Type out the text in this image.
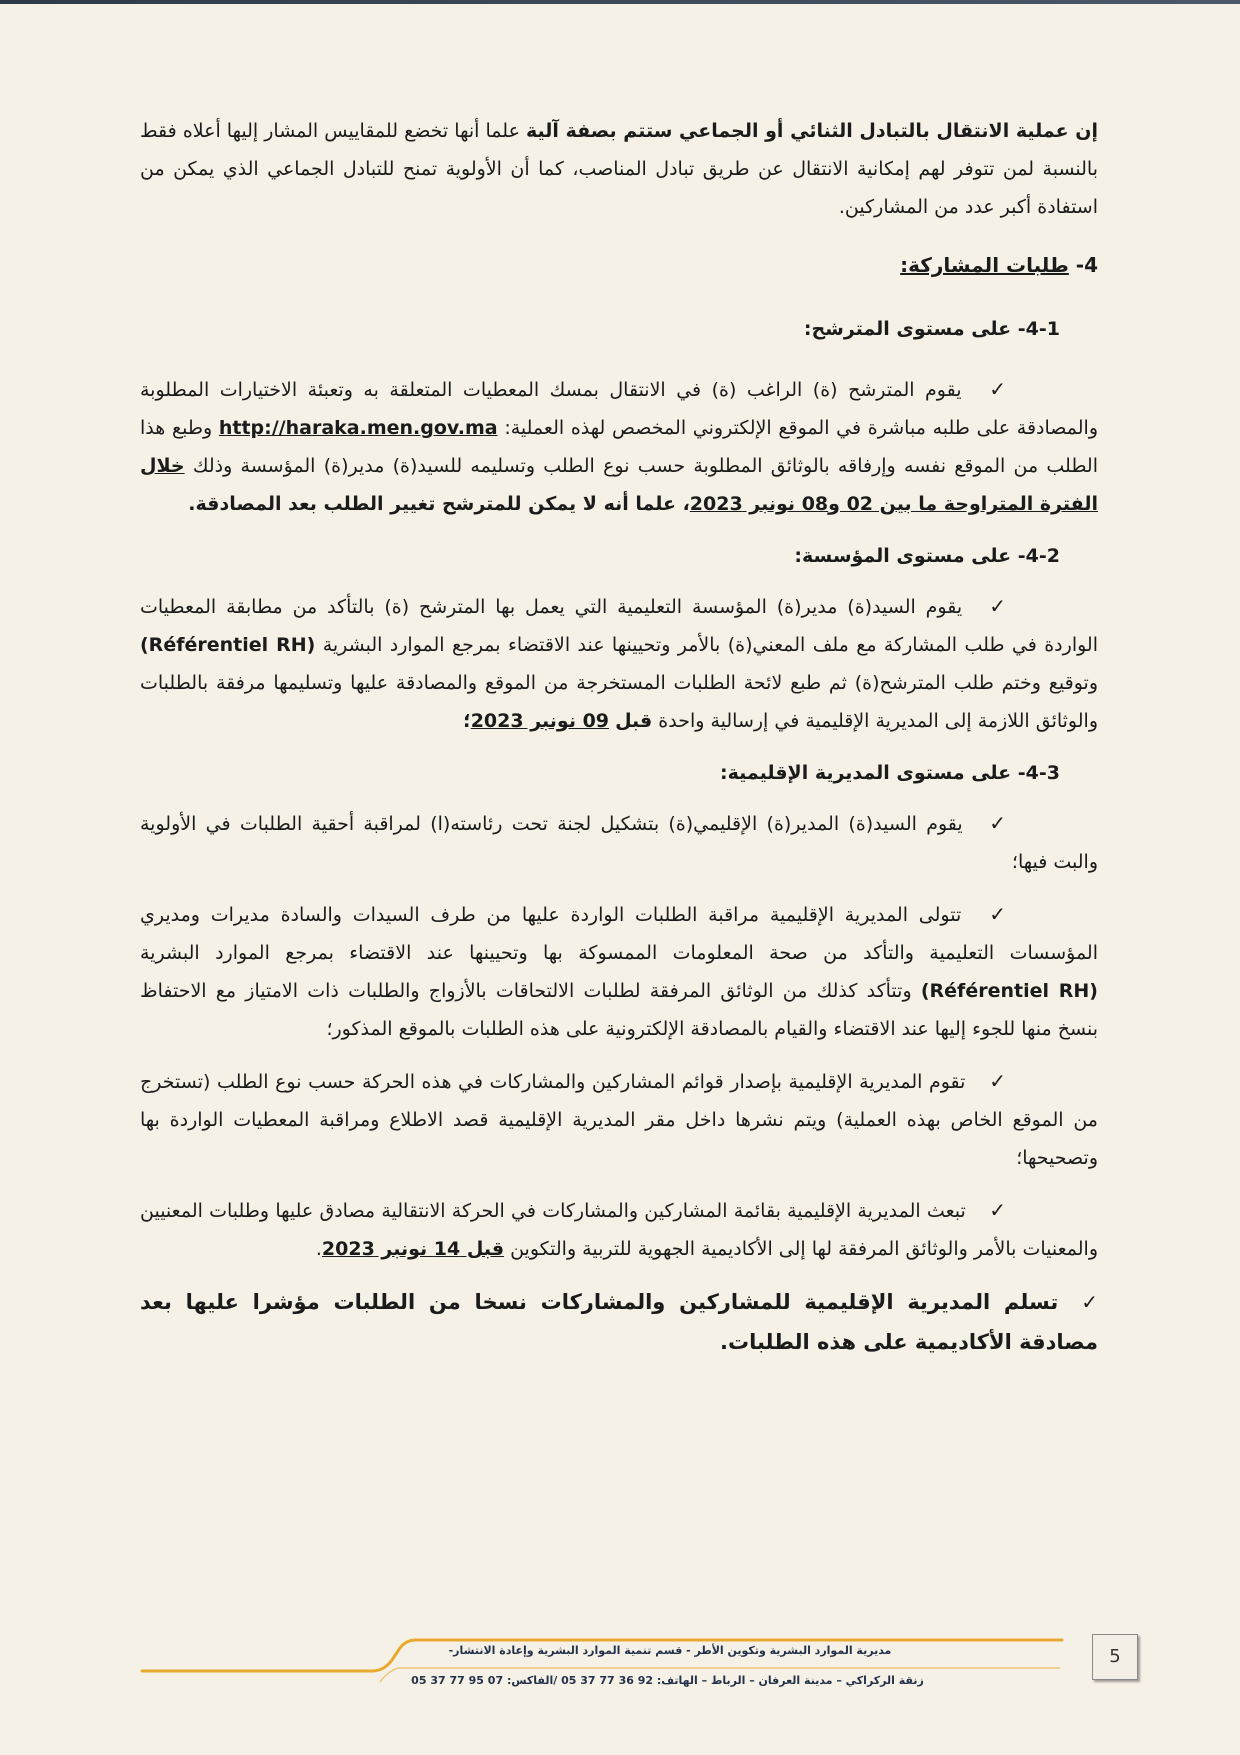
إن عملية الانتقال بالتبادل الثنائي أو الجماعي ستتم بصفة آلية علما أنها تخضع للمقاييس المشار إليها أعلاه فقط بالنسبة لمن تتوفر لهم إمكانية الانتقال عن طريق تبادل المناصب، كما أن الأولوية تمنح للتبادل الجماعي الذي يمكن من استفادة أكبر عدد من المشاركين.

4- طلبات المشاركة:
4-1- على مستوى المترشح:

✓ يقوم المترشح (ة) الراغب (ة) في الانتقال بمسك المعطيات المتعلقة به وتعبئة الاختيارات المطلوبة والمصادقة على طلبه مباشرة في الموقع الإلكتروني المخصص لهذه العملية: http://haraka.men.gov.ma وطبع هذا الطلب من الموقع نفسه وإرفاقه بالوثائق المطلوبة حسب نوع الطلب وتسليمه للسيد(ة) مدير(ة) المؤسسة وذلك خلال الفترة المتراوحة ما بين 02 و08 نونبر 2023، علما أنه لا يمكن للمترشح تغيير الطلب بعد المصادقة.

4-2- على مستوى المؤسسة:

✓ يقوم السيد(ة) مدير(ة) المؤسسة التعليمية التي يعمل بها المترشح (ة) بالتأكد من مطابقة المعطيات الواردة في طلب المشاركة مع ملف المعني(ة) بالأمر وتحيينها عند الاقتضاء بمرجع الموارد البشرية (Référentiel RH) وتوقيع وختم طلب المترشح(ة) ثم طبع لائحة الطلبات المستخرجة من الموقع والمصادقة عليها وتسليمها مرفقة بالطلبات والوثائق اللازمة إلى المديرية الإقليمية في إرسالية واحدة قبل 09 نونبر 2023؛

4-3- على مستوى المديرية الإقليمية:

✓ يقوم السيد(ة) المدير(ة) الإقليمي(ة) بتشكيل لجنة تحت رئاسته(ا) لمراقبة أحقية الطلبات في الأولوية والبت فيها؛

✓ تتولى المديرية الإقليمية مراقبة الطلبات الواردة عليها من طرف السيدات والسادة مديرات ومديري المؤسسات التعليمية والتأكد من صحة المعلومات الممسوكة بها وتحيينها عند الاقتضاء بمرجع الموارد البشرية (Référentiel RH) وتتأكد كذلك من الوثائق المرفقة لطلبات الالتحاقات بالأزواج والطلبات ذات الامتياز مع الاحتفاظ بنسخ منها للجوء إليها عند الاقتضاء والقيام بالمصادقة الإلكترونية على هذه الطلبات بالموقع المذكور؛

✓ تقوم المديرية الإقليمية بإصدار قوائم المشاركين والمشاركات في هذه الحركة حسب نوع الطلب (تستخرج من الموقع الخاص بهذه العملية) ويتم نشرها داخل مقر المديرية الإقليمية قصد الاطلاع ومراقبة المعطيات الواردة بها وتصحيحها؛

✓ تبعث المديرية الإقليمية بقائمة المشاركين والمشاركات في الحركة الانتقالية مصادق عليها وطلبات المعنيين والمعنيات بالأمر والوثائق المرفقة لها إلى الأكاديمية الجهوية للتربية والتكوين قبل 14 نونبر 2023.

✓ تسلم المديرية الإقليمية للمشاركين والمشاركات نسخا من الطلبات مؤشرا عليها بعد مصادقة الأكاديمية على هذه الطلبات.

مديرية الموارد البشرية وتكوين الأطر - قسم تنمية الموارد البشرية وإعادة الانتشار-
زنقة الركراكي – مدينة العرفان – الرباط – الهاتف: 92 36 77 37 05 /الفاكس: 07 95 77 37 05
5
